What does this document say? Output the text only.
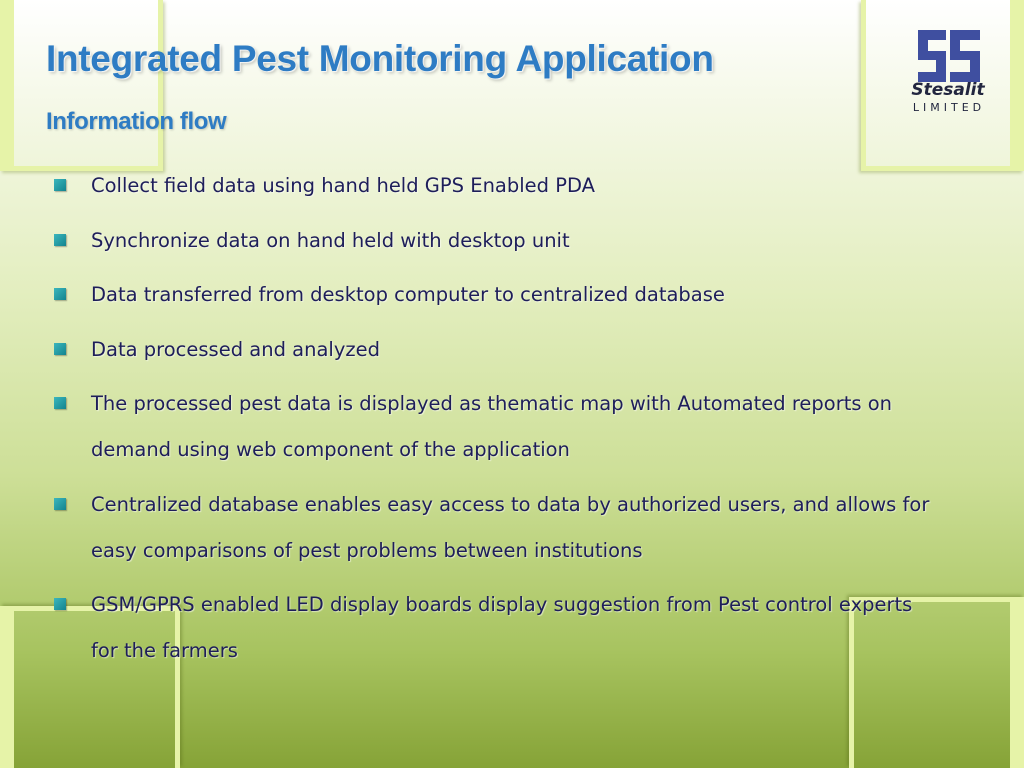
Integrated Pest Monitoring Application
Information flow
Stesalit
LIMITED
Collect field data using hand held GPS Enabled PDA
Synchronize data on hand held with desktop unit
Data transferred from desktop computer to centralized database
Data processed and analyzed
The processed pest data is displayed as thematic map with Automated reports on demand using web component of the application
Centralized database enables easy access to data by authorized users, and allows for easy comparisons of pest problems between institutions
GSM/GPRS enabled LED display boards display suggestion from Pest control experts for the farmers
